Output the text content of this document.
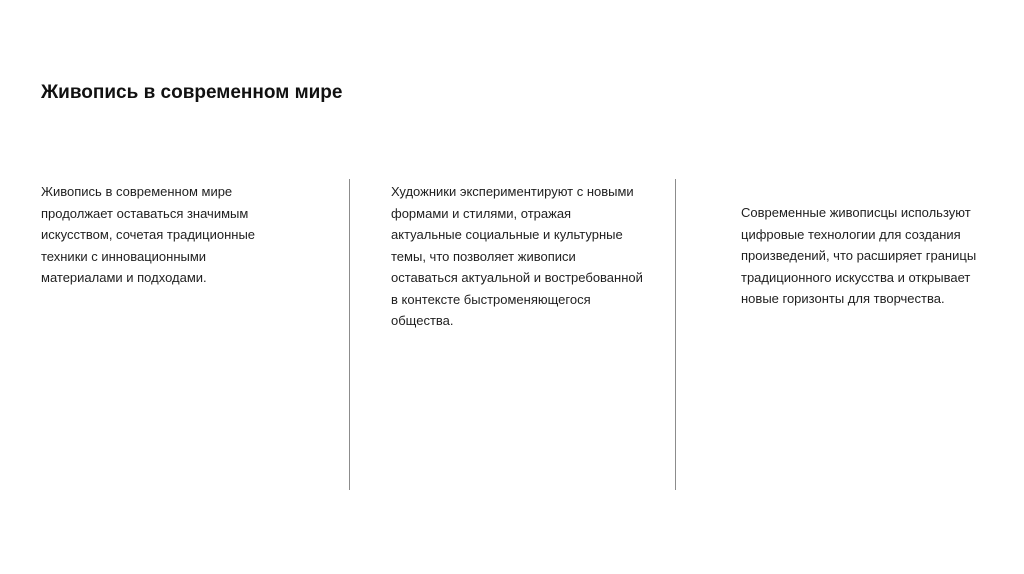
Живопись в современном мире
Живопись в современном мире
продолжает оставаться значимым
искусством, сочетая традиционные
техники с инновационными
материалами и подходами.
Художники экспериментируют с новыми
формами и стилями, отражая
актуальные социальные и культурные
темы, что позволяет живописи
оставаться актуальной и востребованной
в контексте быстроменяющегося
общества.
Современные живописцы используют
цифровые технологии для создания
произведений, что расширяет границы
традиционного искусства и открывает
новые горизонты для творчества.
